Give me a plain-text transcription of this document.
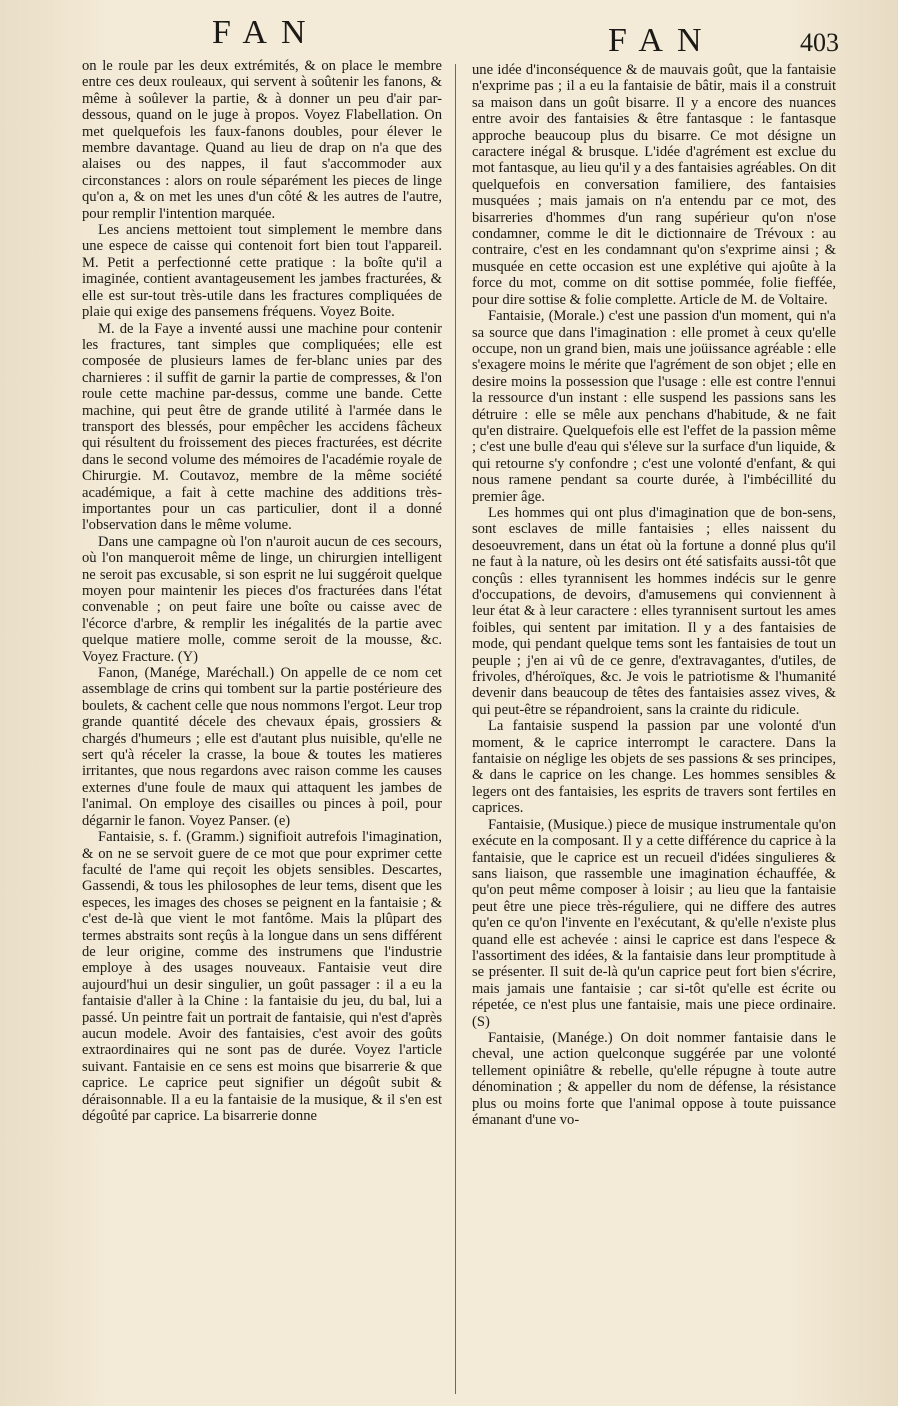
FAN	FAN	403

on le roule par les deux extrémités, & on place le membre entre ces deux rouleaux, qui servent à soûtenir les fanons, & même à soûlever la partie, & à donner un peu d'air par-dessous, quand on le juge à propos. Voyez Flabellation. On met quelquefois les faux-fanons doubles, pour élever le membre davantage. Quand au lieu de drap on n'a que des alaises ou des nappes, il faut s'accommoder aux circonstances : alors on roule séparément les pieces de linge qu'on a, & on met les unes d'un côté & les autres de l'autre, pour remplir l'intention marquée.

Les anciens mettoient tout simplement le membre dans une espece de caisse qui contenoit fort bien tout l'appareil. M. Petit a perfectionné cette pratique : la boîte qu'il a imaginée, contient avantageusement les jambes fracturées, & elle est sur-tout très-utile dans les fractures compliquées de plaie qui exige des pansemens fréquens. Voyez Boite.

M. de la Faye a inventé aussi une machine pour contenir les fractures, tant simples que compliquées; elle est composée de plusieurs lames de fer-blanc unies par des charnieres : il suffit de garnir la partie de compresses, & l'on roule cette machine par-dessus, comme une bande. Cette machine, qui peut être de grande utilité à l'armée dans le transport des blessés, pour empêcher les accidens fâcheux qui résultent du froissement des pieces fracturées, est décrite dans le second volume des mémoires de l'académie royale de Chirurgie. M. Coutavoz, membre de la même société académique, a fait à cette machine des additions très-importantes pour un cas particulier, dont il a donné l'observation dans le même volume.

Dans une campagne où l'on n'auroit aucun de ces secours, où l'on manqueroit même de linge, un chirurgien intelligent ne seroit pas excusable, si son esprit ne lui suggéroit quelque moyen pour maintenir les pieces d'os fracturées dans l'état convenable ; on peut faire une boîte ou caisse avec de l'écorce d'arbre, & remplir les inégalités de la partie avec quelque matiere molle, comme seroit de la mousse, &c. Voyez Fracture. (Y)

Fanon, (Manége, Maréchall.) On appelle de ce nom cet assemblage de crins qui tombent sur la partie postérieure des boulets, & cachent celle que nous nommons l'ergot. Leur trop grande quantité décele des chevaux épais, grossiers & chargés d'humeurs ; elle est d'autant plus nuisible, qu'elle ne sert qu'à réceler la crasse, la boue & toutes les matieres irritantes, que nous regardons avec raison comme les causes externes d'une foule de maux qui attaquent les jambes de l'animal. On employe des cisailles ou pinces à poil, pour dégarnir le fanon. Voyez Panser. (e)

Fantaisie, s. f. (Gramm.) signifioit autrefois l'imagination, & on ne se servoit guere de ce mot que pour exprimer cette faculté de l'ame qui reçoit les objets sensibles. Descartes, Gassendi, & tous les philosophes de leur tems, disent que les especes, les images des choses se peignent en la fantaisie ; & c'est de-là que vient le mot fantôme. Mais la plûpart des termes abstraits sont reçûs à la longue dans un sens différent de leur origine, comme des instrumens que l'industrie employe à des usages nouveaux. Fantaisie veut dire aujourd'hui un desir singulier, un goût passager : il a eu la fantaisie d'aller à la Chine : la fantaisie du jeu, du bal, lui a passé. Un peintre fait un portrait de fantaisie, qui n'est d'après aucun modele. Avoir des fantaisies, c'est avoir des goûts extraordinaires qui ne sont pas de durée. Voyez l'article suivant. Fantaisie en ce sens est moins que bisarrerie & que caprice. Le caprice peut signifier un dégoût subit & déraisonnable. Il a eu la fantaisie de la musique, & il s'en est dégoûté par caprice. La bisarrerie donne

une idée d'inconséquence & de mauvais goût, que la fantaisie n'exprime pas ; il a eu la fantaisie de bâtir, mais il a construit sa maison dans un goût bisarre. Il y a encore des nuances entre avoir des fantaisies & être fantasque : le fantasque approche beaucoup plus du bisarre. Ce mot désigne un caractere inégal & brusque. L'idée d'agrément est exclue du mot fantasque, au lieu qu'il y a des fantaisies agréables. On dit quelquefois en conversation familiere, des fantaisies musquées ; mais jamais on n'a entendu par ce mot, des bisarreries d'hommes d'un rang supérieur qu'on n'ose condamner, comme le dit le dictionnaire de Trévoux : au contraire, c'est en les condamnant qu'on s'exprime ainsi ; & musquée en cette occasion est une explétive qui ajoûte à la force du mot, comme on dit sottise pommée, folie fieffée, pour dire sottise & folie complette. Article de M. de Voltaire.

Fantaisie, (Morale.) c'est une passion d'un moment, qui n'a sa source que dans l'imagination : elle promet à ceux qu'elle occupe, non un grand bien, mais une joüissance agréable : elle s'exagere moins le mérite que l'agrément de son objet ; elle en desire moins la possession que l'usage : elle est contre l'ennui la ressource d'un instant : elle suspend les passions sans les détruire : elle se mêle aux penchans d'habitude, & ne fait qu'en distraire. Quelquefois elle est l'effet de la passion même ; c'est une bulle d'eau qui s'éleve sur la surface d'un liquide, & qui retourne s'y confondre ; c'est une volonté d'enfant, & qui nous ramene pendant sa courte durée, à l'imbécillité du premier âge.

Les hommes qui ont plus d'imagination que de bon-sens, sont esclaves de mille fantaisies ; elles naissent du desoeuvrement, dans un état où la fortune a donné plus qu'il ne faut à la nature, où les desirs ont été satisfaits aussi-tôt que conçûs : elles tyrannisent les hommes indécis sur le genre d'occupations, de devoirs, d'amusemens qui conviennent à leur état & à leur caractere : elles tyrannisent surtout les ames foibles, qui sentent par imitation. Il y a des fantaisies de mode, qui pendant quelque tems sont les fantaisies de tout un peuple ; j'en ai vû de ce genre, d'extravagantes, d'utiles, de frivoles, d'héroïques, &c. Je vois le patriotisme & l'humanité devenir dans beaucoup de têtes des fantaisies assez vives, & qui peut-être se répandroient, sans la crainte du ridicule.

La fantaisie suspend la passion par une volonté d'un moment, & le caprice interrompt le caractere. Dans la fantaisie on néglige les objets de ses passions & ses principes, & dans le caprice on les change. Les hommes sensibles & legers ont des fantaisies, les esprits de travers sont fertiles en caprices.

Fantaisie, (Musique.) piece de musique instrumentale qu'on exécute en la composant. Il y a cette différence du caprice à la fantaisie, que le caprice est un recueil d'idées singulieres & sans liaison, que rassemble une imagination échauffée, & qu'on peut même composer à loisir ; au lieu que la fantaisie peut être une piece très-réguliere, qui ne differe des autres qu'en ce qu'on l'invente en l'exécutant, & qu'elle n'existe plus quand elle est achevée : ainsi le caprice est dans l'espece & l'assortiment des idées, & la fantaisie dans leur promptitude à se présenter. Il suit de-là qu'un caprice peut fort bien s'écrire, mais jamais une fantaisie ; car si-tôt qu'elle est écrite ou répetée, ce n'est plus une fantaisie, mais une piece ordinaire. (S)

Fantaisie, (Manége.) On doit nommer fantaisie dans le cheval, une action quelconque suggérée par une volonté tellement opiniâtre & rebelle, qu'elle répugne à toute autre dénomination ; & appeller du nom de défense, la résistance plus ou moins forte que l'animal oppose à toute puissance émanant d'une vo-
